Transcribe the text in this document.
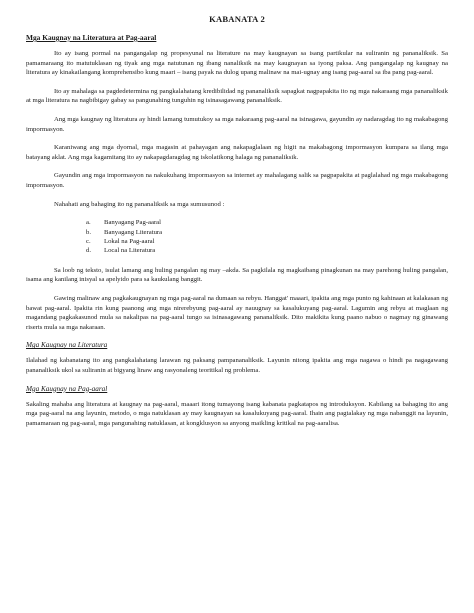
KABANATA 2
Mga Kaugnay na Literatura at Pag-aaral

Ito ay isang pormal na pangangalap ng propesyunal na literature na may kaugnayan sa isang partikular na suliranin ng pananaliksik. Sa pamamaraang ito matutuklasan ng tiyak ang mga natutunan ng ibang nanaliksik na may kaugnayan sa iyong paksa. Ang pangangalap ng kaugnay na literatura ay kinakailangang komprehensibo kung maari – isang payak na dulog upang malinaw na mai-ugnay ang isang pag-aaral sa iba pang pag-aaral.

Ito ay mahalaga sa pagdedetermina ng pangkalahatang kredibilidad ng pananaliksik sapagkat nagpapakita ito ng mga nakaraang mga pananaliksik at mga literatura na nagbibigay gabay sa pangunahing tunguhin ng isinasagawang pananaliksik.

Ang mga kaugnay ng literatura ay hindi lamang tumutukoy sa mga nakaraang pag-aaral na isinagawa, gayundin ay nadaragdag ito ng makabagong impormasyon.

Karaniwang ang mga dyornal, mga magasin at pahayagan ang nakapaglalaan ng higit na makabagong impormasyon kumpara sa ilang mga batayang aklat. Ang mga kagamitang ito ay nakapagdaragdag ng iskolatikong halaga ng pananaliksik.

Gayundin ang mga impormasyon na nakukuhang impormasyon sa internet ay mahalagang salik sa pagpapakita at paglalahad ng mga makabagong impormasyon.

Nahahati ang bahaging ito ng pananaliksik sa mga sumusunod :

a. Banyagang Pag-aaral
b. Banyagang Literatura
c. Lokal na Pag-aaral
d. Local na Literatura

Sa loob ng teksto, isulat lamang ang huling pangalan ng may –akda. Sa pagkilala ng magkaibang pinagkunan na may parehong huling pangalan, isama ang kanilang inisyal sa apelyido para sa kaukulang banggit.

Gawing malinaw ang pagkakaugnayan ng mga pag-aaral na dumaan sa rebyu. Hanggat' maaari, ipakita ang mga punto ng kahinaan at kalakasan ng bawat pag-aaral. Ipakita rin kung paanong ang mga nirerebyung pag-aaral ay nauugnay sa kasalukuyang pag-aaral. Lagumin ang rebyu at maglaan ng magandang pagkakasunod mula sa nakalipas na pag-aaral tungo sa isinasagawang pananaliksik. Dito makikita kung paano nabuo o nagmay ng ginawang riserts mula sa mga nakaraan.

Mga Kaugnay na Literatura

Ilalahad ng kabanatang ito ang pangkalahatang larawan ng paksang pampananaliksik. Layunin nitong ipakita ang mga nagawa o hindi pa nagagawang pananaliksik ukol sa suliranin at bigyang linaw ang rasyonaleng teoritikal ng problema.

Mga Kaugnay na Pag-aaral

Sakaling mahaba ang literatura at kaugnay na pag-aaral, maaari itong tumayong isang kabanata pagkatapos ng introduksyon. Kabilang sa bahaging ito ang mga pag-aaral na ang layunin, metodo, o mga natuklasan ay may kaugnayan sa kasalukuyang pag-aaral. Ihain ang pagtalakay ng mga nabanggit na layunin, pamamaraan ng pag-aaral, mga pangunahing natuklasan, at kongklusyon sa anyong maikling kritikal na pag-aaralisa.
